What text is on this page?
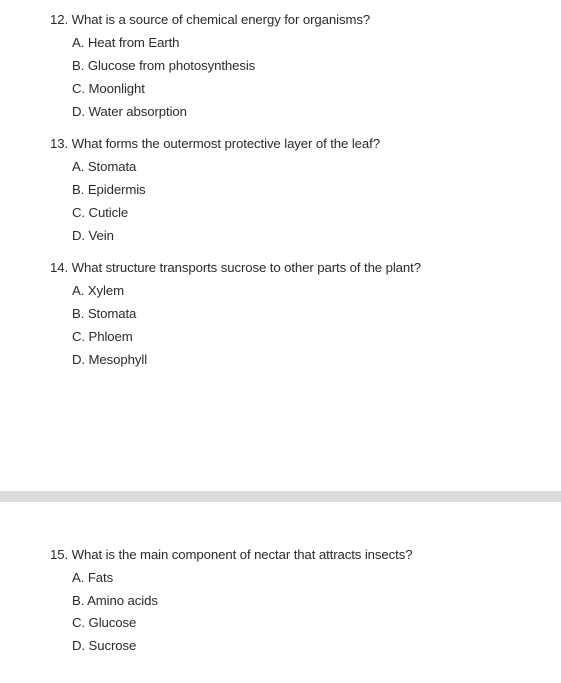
12. What is a source of chemical energy for organisms?
A. Heat from Earth
B. Glucose from photosynthesis
C. Moonlight
D. Water absorption
13. What forms the outermost protective layer of the leaf?
A. Stomata
B. Epidermis
C. Cuticle
D. Vein
14. What structure transports sucrose to other parts of the plant?
A. Xylem
B. Stomata
C. Phloem
D. Mesophyll
15. What is the main component of nectar that attracts insects?
A. Fats
B. Amino acids
C. Glucose
D. Sucrose
